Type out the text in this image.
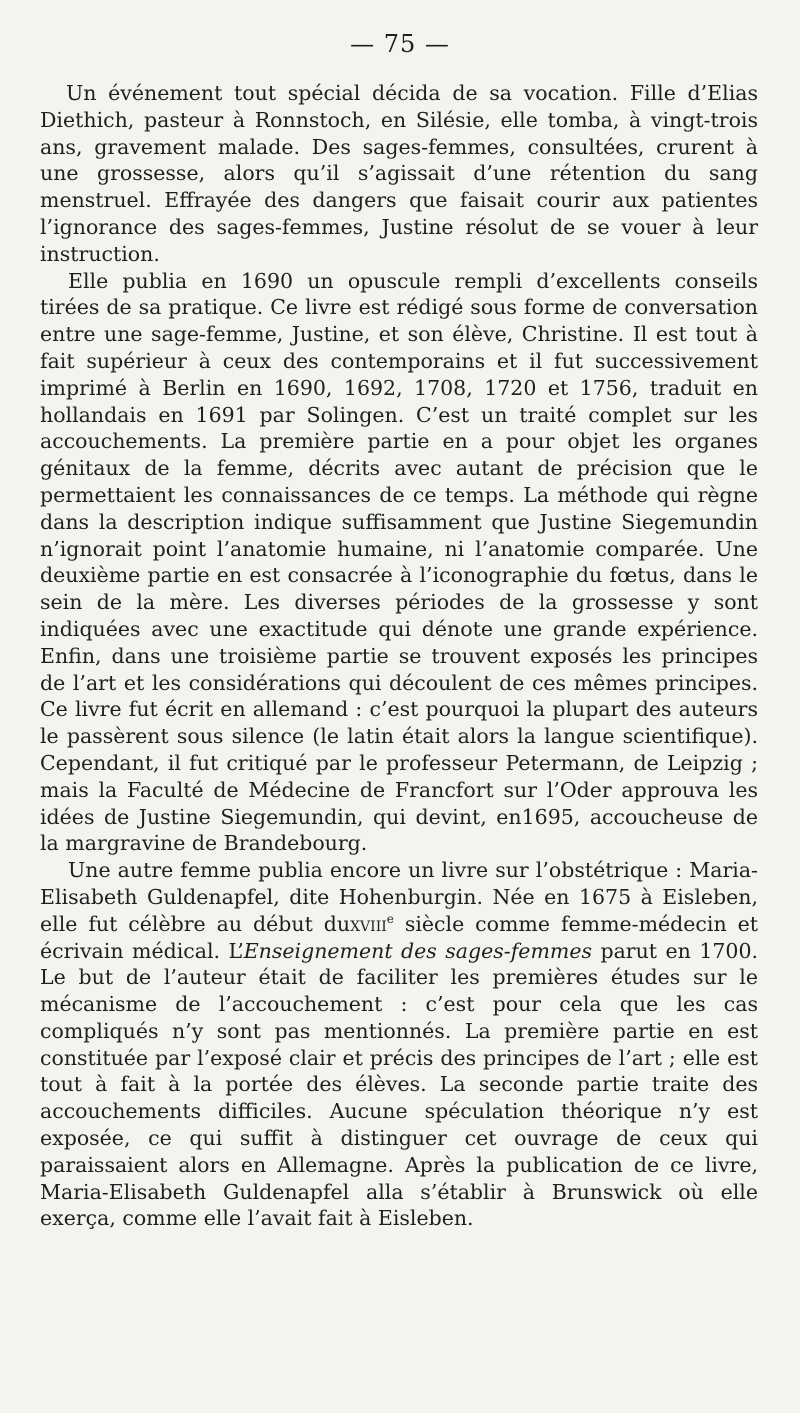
— 75 —

Un événement tout spécial décida de sa vocation. Fille d’Elias Diethich, pasteur à Ronnstoch, en Silésie, elle tomba, à vingt-trois ans, gravement malade. Des sages-femmes, consultées, crurent à une grossesse, alors qu’il s’agissait d’une rétention du sang menstruel. Effrayée des dangers que faisait courir aux patientes l’ignorance des sages-femmes, Justine résolut de se vouer à leur instruction.

Elle publia en 1690 un opuscule rempli d’excellents conseils tirées de sa pratique. Ce livre est rédigé sous forme de conversation entre une sage-femme, Justine, et son élève, Christine. Il est tout à fait supérieur à ceux des contemporains et il fut successivement imprimé à Berlin en 1690, 1692, 1708, 1720 et 1756, traduit en hollandais en 1691 par Solingen. C’est un traité complet sur les accouchements. La première partie en a pour objet les organes génitaux de la femme, décrits avec autant de précision que le permettaient les connaissances de ce temps. La méthode qui règne dans la description indique suffisamment que Justine Siegemundin n’ignorait point l’anatomie humaine, ni l’anatomie comparée. Une deuxième partie en est consacrée à l’iconographie du fœtus, dans le sein de la mère. Les diverses périodes de la grossesse y sont indiquées avec une exactitude qui dénote une grande expérience. Enfin, dans une troisième partie se trouvent exposés les principes de l’art et les considérations qui découlent de ces mêmes principes. Ce livre fut écrit en allemand : c’est pourquoi la plupart des auteurs le passèrent sous silence (le latin était alors la langue scientifique). Cependant, il fut critiqué par le professeur Petermann, de Leipzig ; mais la Faculté de Médecine de Francfort sur l’Oder approuva les idées de Justine Siegemundin, qui devint, en1695, accoucheuse de la margravine de Brandebourg.

Une autre femme publia encore un livre sur l’obstétrique : Maria-Elisabeth Guldenapfel, dite Hohenburgin. Née en 1675 à Eisleben, elle fut célèbre au début duxviii$^e$ siècle comme femme-médecin et écrivain médical. L’Enseignement des sages-femmes parut en 1700. Le but de l’auteur était de faciliter les premières études sur le mécanisme de l’accouchement : c’est pour cela que les cas compliqués n’y sont pas mentionnés. La première partie en est constituée par l’exposé clair et précis des principes de l’art ; elle est tout à fait à la portée des élèves. La seconde partie traite des accouchements difficiles. Aucune spéculation théorique n’y est exposée, ce qui suffit à distinguer cet ouvrage de ceux qui paraissaient alors en Allemagne. Après la publication de ce livre, Maria-Elisabeth Guldenapfel alla s’établir à Brunswick où elle exerça, comme elle l’avait fait à Eisleben.
